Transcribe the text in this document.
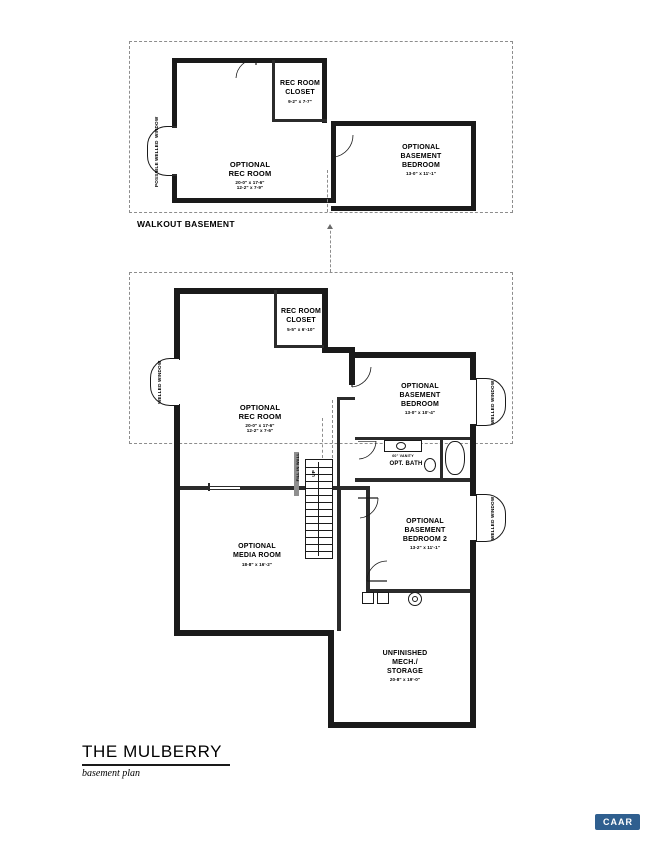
POSSIBLE

WELLED

WINDOW
REC ROOM
CLOSET
9-2" x 7-7"
OPTIONAL
REC ROOM
20-0" x 17-6"
12-2" x 7-9"
OPTIONAL
BASEMENT
BEDROOM
13-0" x 11'-1"
WALKOUT BASEMENT
UP
FILL IN WALL
WELLED

WINDOW
WELLED

WINDOW
WELLED

WINDOW
60" VANITY
OPT. BATH
REC ROOM
CLOSET
5-5" x 6'-10"
OPTIONAL
REC ROOM
20-0" x 17-6"
12-2" x 7-6"
OPTIONAL
BASEMENT
BEDROOM
13-0" x 10'-4"
OPTIONAL
BASEMENT
BEDROOM 2
13-2" x 11'-1"
OPTIONAL
MEDIA ROOM
18-8" x 16'-2"
UNFINISHED
MECH./
STORAGE
20-8" x 19'-0"
THE MULBERRY
basement plan
CAAR
